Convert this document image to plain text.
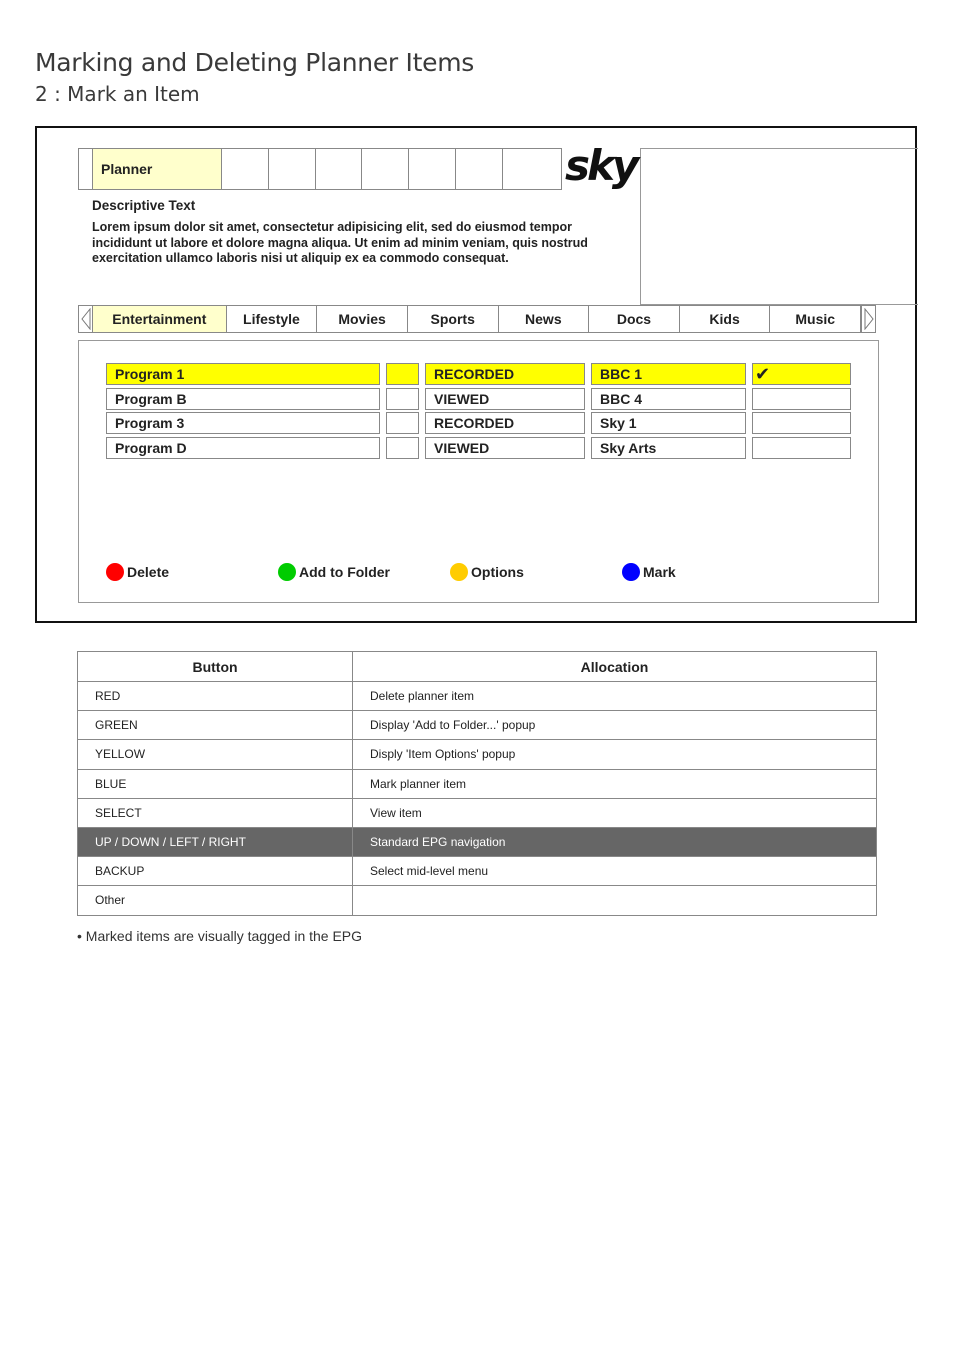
Marking and Deleting Planner Items
2 : Mark an Item
Planner	sky
Descriptive Text
Lorem ipsum dolor sit amet, consectetur adipisicing elit, sed do eiusmod tempor incididunt ut labore et dolore magna aliqua. Ut enim ad minim veniam, quis nostrud exercitation ullamco laboris nisi ut aliquip ex ea commodo consequat.
Entertainment	Lifestyle	Movies	Sports	News	Docs	Kids	Music
Program 1	RECORDED	BBC 1	✔
Program B	VIEWED	BBC 4
Program 3	RECORDED	Sky 1
Program D	VIEWED	Sky Arts
Delete	Add to Folder	Options	Mark
Button	Allocation
RED	Delete planner item
GREEN	Display 'Add to Folder...' popup
YELLOW	Disply 'Item Options' popup
BLUE	Mark planner item
SELECT	View item
UP / DOWN / LEFT / RIGHT	Standard EPG navigation
BACKUP	Select mid-level menu
Other	
• Marked items are visually tagged in the EPG
